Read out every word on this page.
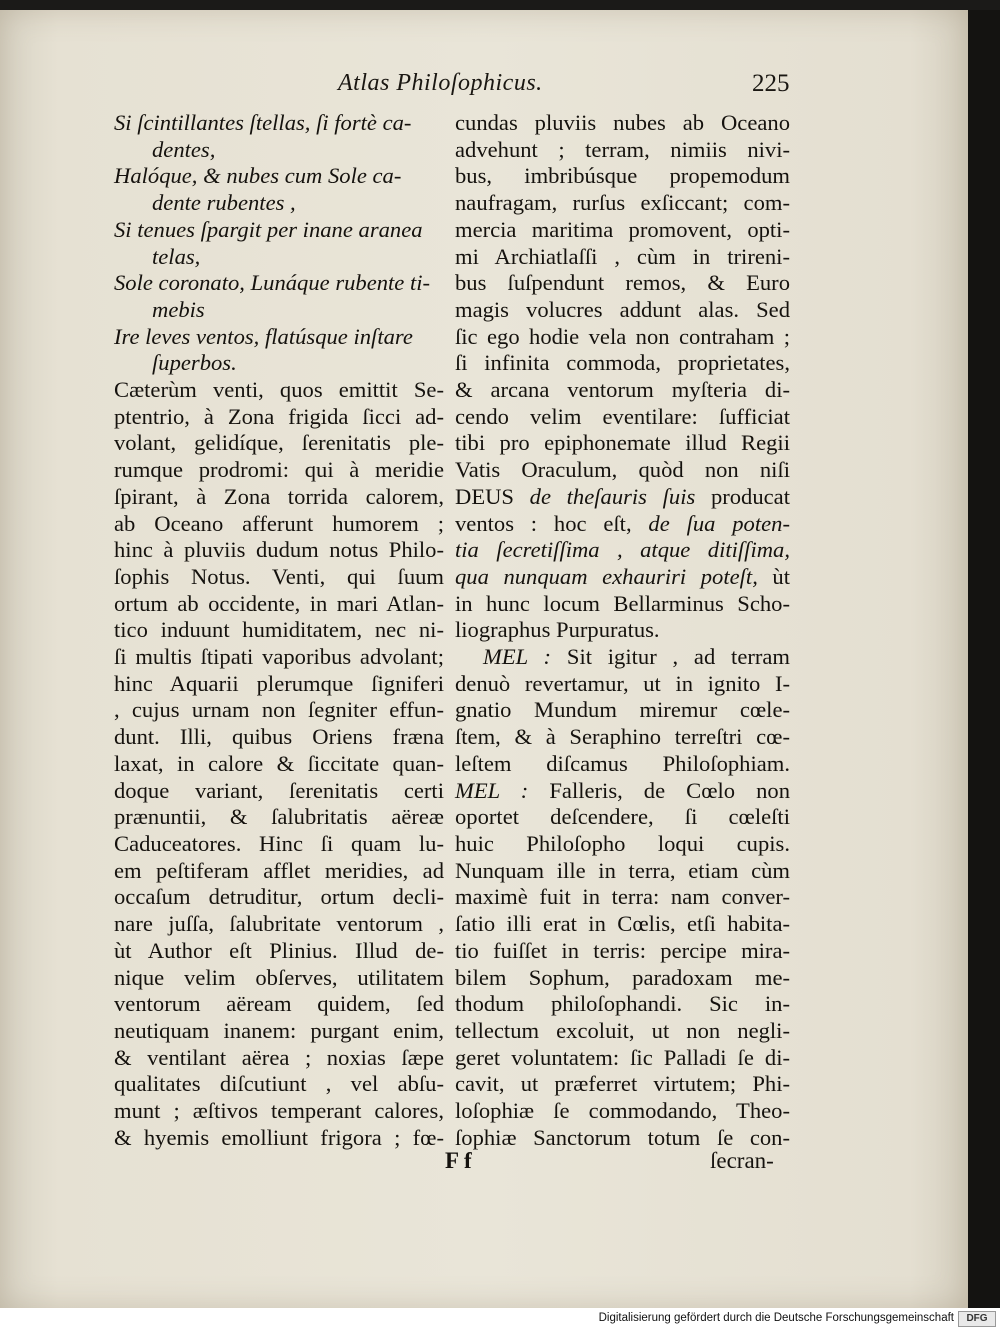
Atlas Philoſophicus.	225
Si ſcintillantes ſtellas, ſi fortè ca-
dentes,
Halóque, & nubes cum Sole ca-
dente rubentes ,
Si tenues ſpargit per inane aranea
telas,
Sole coronato, Lunáque rubente ti-
mebis
Ire leves ventos, flatúsque inſtare
ſuperbos.
Cæterùm venti, quos emittit Se-
ptentrio, à Zona frigida ſicci ad-
volant, gelidíque, ſerenitatis ple-
rumque prodromi: qui à meridie
ſpirant, à Zona torrida calorem,
ab Oceano afferunt humorem ;
hinc à pluviis dudum notus Philo-
ſophis Notus. Venti, qui ſuum
ortum ab occidente, in mari Atlan-
tico induunt humiditatem, nec ni-
ſi multis ſtipati vaporibus advolant;
hinc Aquarii plerumque ſigniferi
, cujus urnam non ſegniter effun-
dunt. Illi, quibus Oriens fræna
laxat, in calore & ſiccitate quan-
doque variant, ſerenitatis certi
prænuntii, & ſalubritatis aëreæ
Caduceatores. Hinc ſi quam lu-
em peſtiferam afflet meridies, ad
occaſum detruditur, ortum decli-
nare juſſa, ſalubritate ventorum ,
ùt Author eſt Plinius. Illud de-
nique velim obſerves, utilitatem
ventorum aëream quidem, ſed
neutiquam inanem: purgant enim,
& ventilant aërea ; noxias ſæpe
qualitates diſcutiunt , vel abſu-
munt ; æſtivos temperant calores,
& hyemis emolliunt frigora ; fœ-
cundas pluviis nubes ab Oceano
advehunt ; terram, nimiis nivi-
bus, imbribúsque propemodum
naufragam, rurſus exſiccant; com-
mercia maritima promovent, opti-
mi Archiatlaſſi , cùm in trireni-
bus ſuſpendunt remos, & Euro
magis volucres addunt alas. Sed
ſic ego hodie vela non contraham ;
ſi infinita commoda, proprietates,
& arcana ventorum myſteria di-
cendo velim eventilare: ſufficiat
tibi pro epiphonemate illud Regii
Vatis Oraculum, quòd non niſi
DEUS de theſauris ſuis producat
ventos : hoc eſt, de ſua poten-
tia ſecretiſſima , atque ditiſſima,
qua nunquam exhauriri poteſt, ùt
in hunc locum Bellarminus Scho-
liographus Purpuratus.
MEL : Sit igitur , ad terram
denuò revertamur, ut in ignito I-
gnatio Mundum miremur cœle-
ſtem, & à Seraphino terreſtri cœ-
leſtem diſcamus Philoſophiam.
MEL : Falleris, de Cœlo non
oportet deſcendere, ſi cœleſti
huic Philoſopho loqui cupis.
Nunquam ille in terra, etiam cùm
maximè fuit in terra: nam conver-
ſatio illi erat in Cœlis, etſi habita-
tio fuiſſet in terris: percipe mira-
bilem Sophum, paradoxam me-
thodum philoſophandi. Sic in-
tellectum excoluit, ut non negli-
geret voluntatem: ſic Palladi ſe di-
cavit, ut præferret virtutem; Phi-
loſophiæ ſe commodando, Theo-
ſophiæ Sanctorum totum ſe con-
F f	ſecran-
Digitalisierung gefördert durch die Deutsche Forschungsgemeinschaft	DFG
